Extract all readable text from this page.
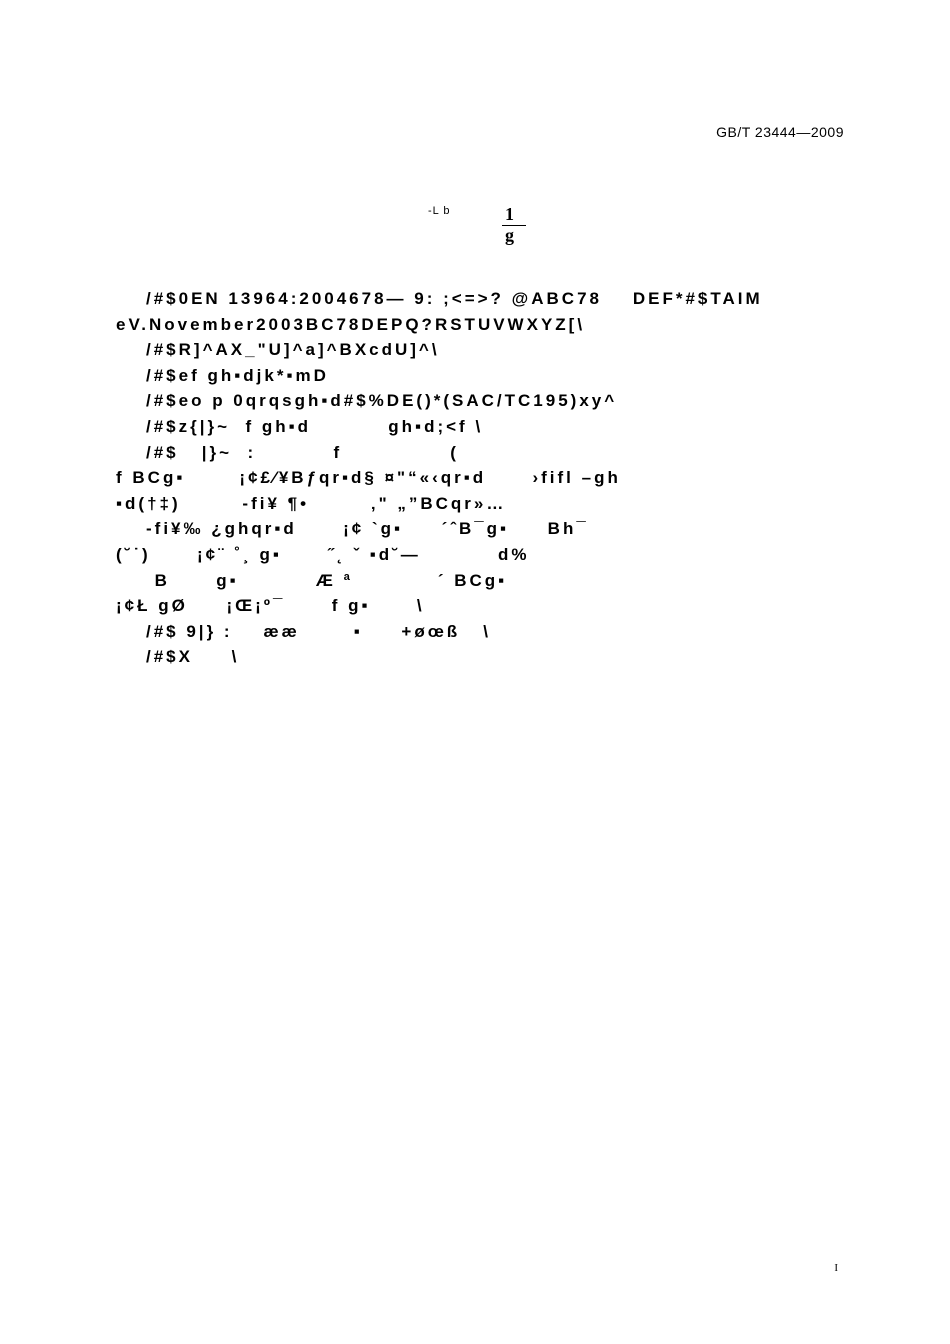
GB/T 23444—2009
-L b	1
g
/#$0EN 13964:2004678— 9: ;<=>? @ABC78    DEF*#$TAIM
eV.November2003BC78DEPQ?RSTUVWXYZ[\
/#$R]^AX_"U]^a]^BXcdU]^\
/#$ef gh▪djk*▪mD
/#$eo p 0qrqsgh▪d#$%DE()*(SAC/TC195)xy^
/#$z{|}~  f gh▪d          gh▪d;<f \
/#$   |}~  :          f              (
f BCg▪       ¡¢£⁄¥Bƒqr▪d§ ¤"“«‹qr▪d      ›fifl –gh
▪d(†‡)        -fi¥ ¶•        ‚" „”BCqr»…
-fi¥‰ ¿ghqr▪d      ¡¢ `g▪     ´ˆB¯g▪     Bh¯
(˘˙)      ¡¢¨ ˚¸ g▪      ˝˛ ˇ ▪d˘—          d%
B      g▪          Æ ª           ´ BCg▪
¡¢Ł gØ     ¡Œ¡º¯      f g▪      \
/#$ 9|} :    ææ       ▪     +øœß   \
/#$X     \
I
